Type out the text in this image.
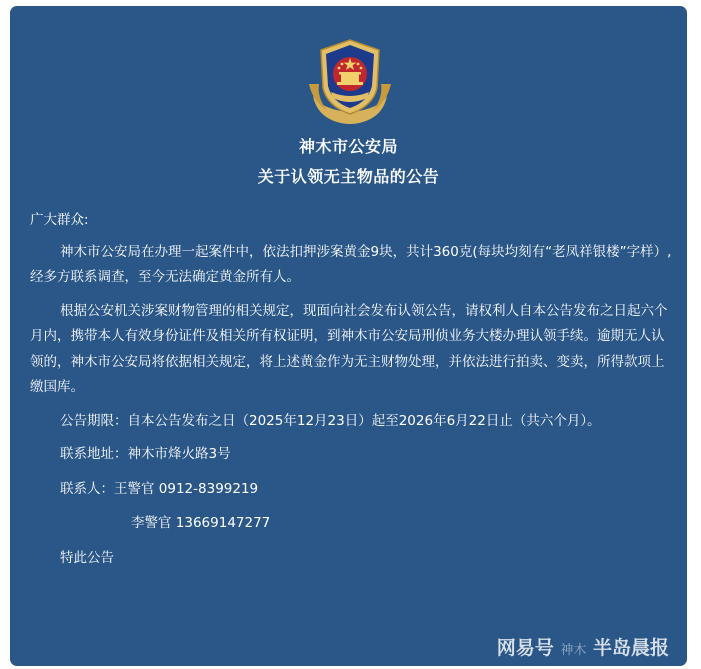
神木市公安局
关于认领无主物品的公告

广大群众:

神木市公安局在办理一起案件中，依法扣押涉案黄金9块，共计360克(每块均刻有“老凤祥银楼”字样）,经多方联系调查，至今无法确定黄金所有人。

根据公安机关涉案财物管理的相关规定，现面向社会发布认领公告，请权利人自本公告发布之日起六个月内，携带本人有效身份证件及相关所有权证明，到神木市公安局刑侦业务大楼办理认领手续。逾期无人认领的，神木市公安局将依据相关规定，将上述黄金作为无主财物处理，并依法进行拍卖、变卖，所得款项上缴国库。

公告期限：自本公告发布之日（2025年12月23日）起至2026年6月22日止（共六个月）。

联系地址：神木市烽火路3号

联系人：王警官 0912-8399219

李警官 13669147277

特此公告

网易号 神木 半岛晨报
